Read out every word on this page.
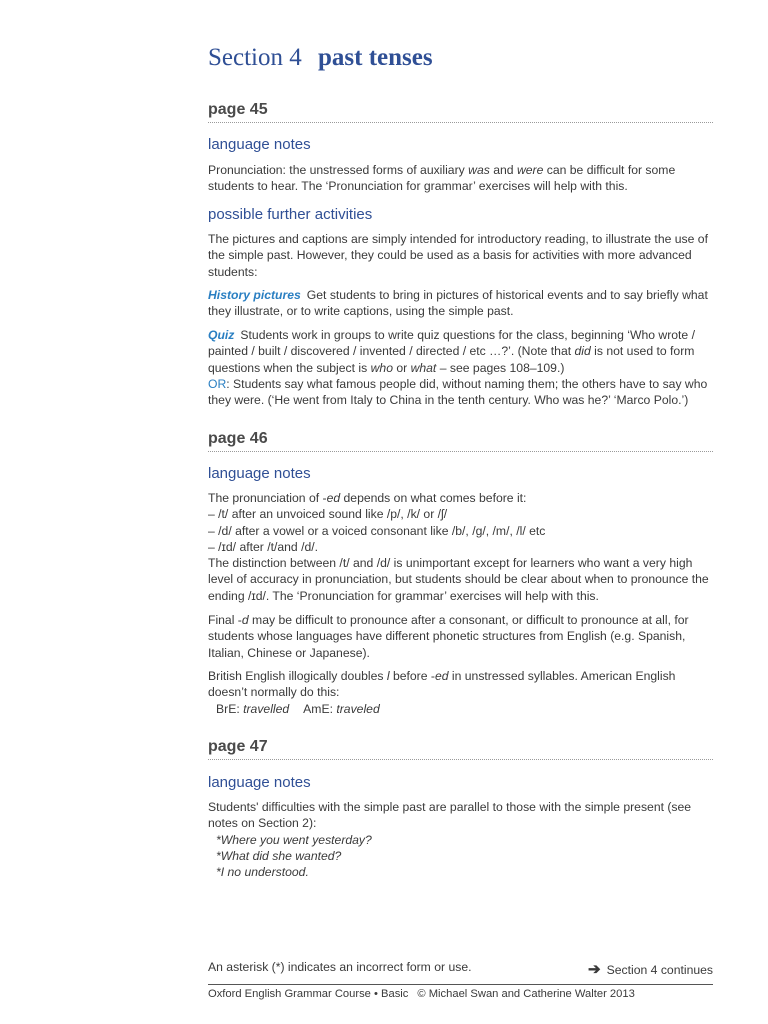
Section 4 past tenses
page 45
language notes
Pronunciation: the unstressed forms of auxiliary was and were can be difficult for some students to hear. The ‘Pronunciation for grammar’ exercises will help with this.
possible further activities
The pictures and captions are simply intended for introductory reading, to illustrate the use of the simple past. However, they could be used as a basis for activities with more advanced students:
History pictures Get students to bring in pictures of historical events and to say briefly what they illustrate, or to write captions, using the simple past.
Quiz Students work in groups to write quiz questions for the class, beginning ‘Who wrote / painted / built / discovered / invented / directed / etc …?’. (Note that did is not used to form questions when the subject is who or what – see pages 108–109.)
OR: Students say what famous people did, without naming them; the others have to say who they were. (‘He went from Italy to China in the tenth century. Who was he?’ ‘Marco Polo.’)
page 46
language notes
The pronunciation of -ed depends on what comes before it:
– /t/ after an unvoiced sound like /p/, /k/ or /ʃ/
– /d/ after a vowel or a voiced consonant like /b/, /g/, /m/, /l/ etc
– /ɪd/ after /t/and /d/.
The distinction between /t/ and /d/ is unimportant except for learners who want a very high level of accuracy in pronunciation, but students should be clear about when to pronounce the ending /ɪd/. The ‘Pronunciation for grammar’ exercises will help with this.
Final -d may be difficult to pronounce after a consonant, or difficult to pronounce at all, for students whose languages have different phonetic structures from English (e.g. Spanish, Italian, Chinese or Japanese).
British English illogically doubles l before -ed in unstressed syllables. American English doesn’t normally do this:
BrE: travelled AmE: traveled
page 47
language notes
Students' difficulties with the simple past are parallel to those with the simple present (see notes on Section 2):
*Where you went yesterday?
*What did she wanted?
*I no understood.
An asterisk (*) indicates an incorrect form or use.	➔ Section 4 continues
Oxford English Grammar Course • Basic © Michael Swan and Catherine Walter 2013
